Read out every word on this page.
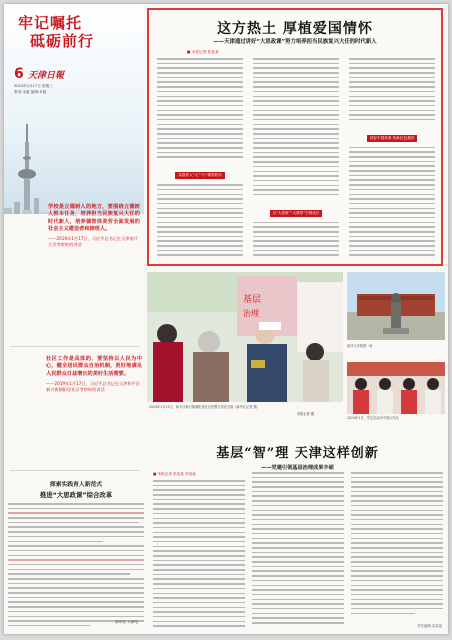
牢记嘱托
砥砺前行
6 天津日報
2024年1月17日 星期三
策划:本版 编辑:本版
学校是立德树人的地方，要围绕立德树人根本任务，培养担当民族复兴大任的时代新人，培养德智体美劳全面发展的社会主义建设者和接班人。
——2019年1月17日，习近平总书记在天津南开大学考察时的讲话
社区工作是具体的、要坚持以人民为中心，健全居民群众自治机制，更好地满足人民群众日益增长的美好生活需要。
——2019年1月17日，习近平总书记在天津和平区新兴街朝阳里社区考察时的讲话
探索实践育人新范式
推进“大思政课”综合改革
新华社 天津电
这方热土 厚植爱国情怀
——天津通过讲好“大思政课”努力培养担当民族复兴大任的时代新人
■ 本报记者 张某某
实践育人“大”“小”课堂联动
以“大思政”“大课堂”引领成长
讲好中国故事 传承红色基因
基层
治理
南开大学校园一角
2024年1月12日，和平区新兴街朝阳里社区民警与居民交流（新华社记者 摄）
本报记者 摄
2024年1月，学生在活动中展示作品
基层“智”理 天津这样创新
——党建引领基层治理成果丰硕
■ 本报记者 张某某 李某某
责任编辑 某某某
